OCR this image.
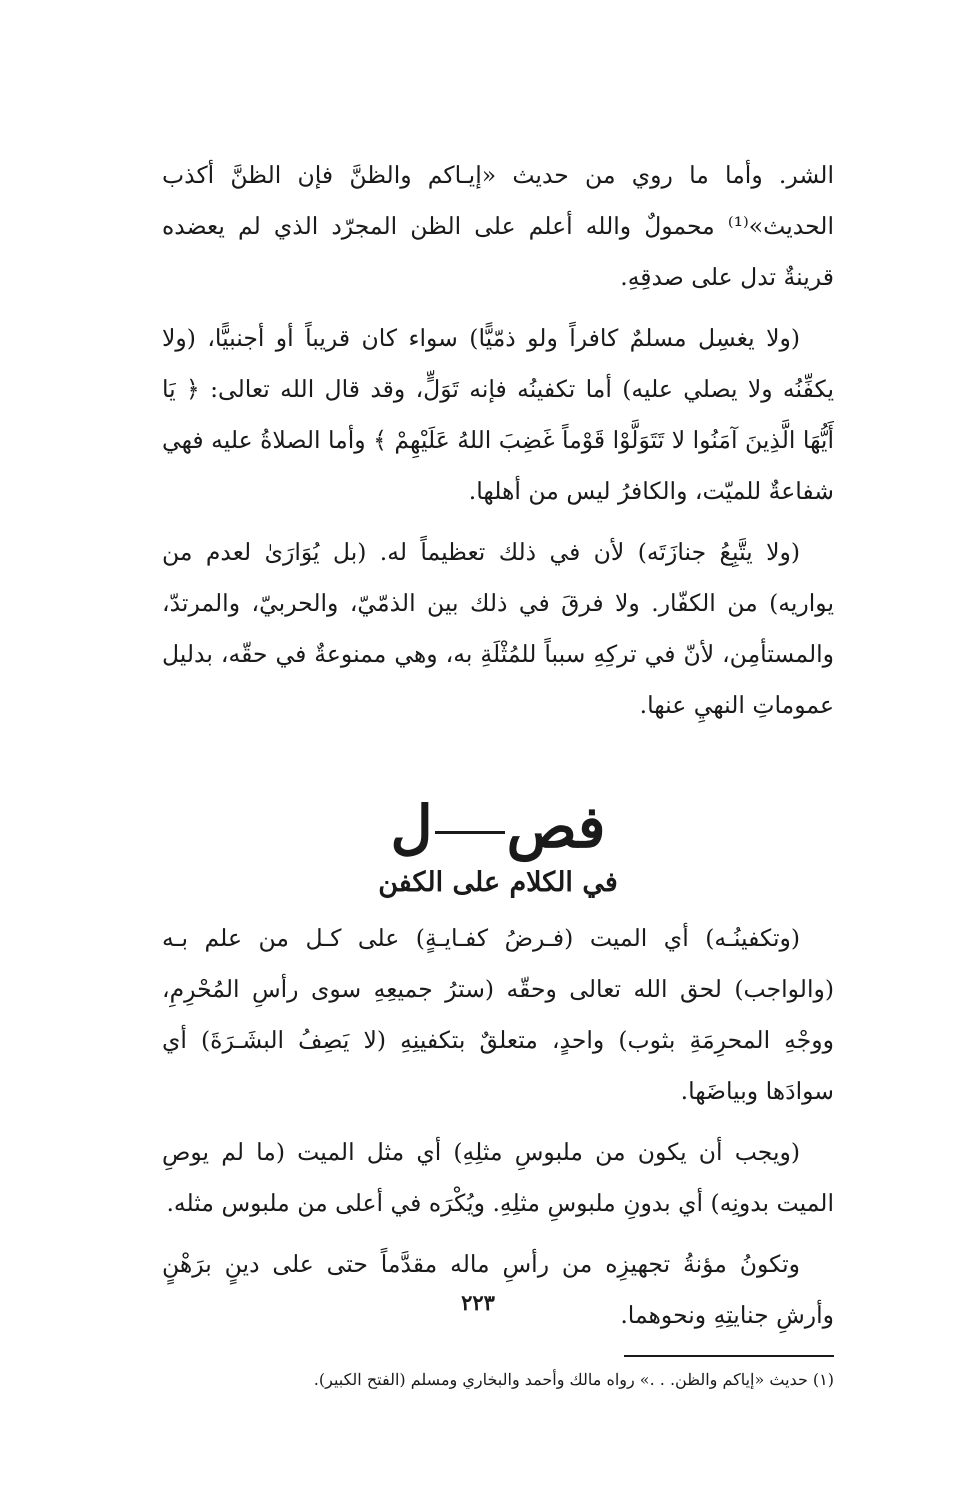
الشر. وأما ما روي من حديث «إيـاكم والظنَّ فإن الظنَّ أكذب الحديث»⁽¹⁾ محمولٌ والله أعلم على الظن المجرّد الذي لم يعضده قرينةٌ تدل على صدقِهِ.

(ولا يغسِل مسلمٌ كافراً ولو ذمّيًّا) سواء كان قريباً أو أجنبيًّا، (ولا يكفِّنُه ولا يصلي عليه) أما تكفينُه فإنه تَوَلٍّ، وقد قال الله تعالى: ﴿ يَا أَيُّهَا الَّذِينَ آمَنُوا لا تَتَوَلَّوْا قَوْماً غَضِبَ اللهُ عَلَيْهِمْ ﴾ وأما الصلاةُ عليه فهي شفاعةٌ للميّت، والكافرُ ليس من أهلها.

(ولا يتَّبِعُ جنازَتَه) لأن في ذلك تعظيماً له. (بل يُوَارَىٰ لعدم من يواريه) من الكفّار. ولا فرقَ في ذلك بين الذمّيّ، والحربيّ، والمرتدّ، والمستأمِن، لأنّ في تركِهِ سبباً للمُثْلَةِ به، وهي ممنوعةٌ في حقّه، بدليل عموماتِ النهيِ عنها.

فصل
في الكلام على الكفن

(وتكفينُـه) أي الميت (فـرضُ كفـايـةٍ) على كـل من علم بـه (والواجب) لحق الله تعالى وحقّه (سترُ جميعِهِ سوى رأسِ المُحْرِمِ، ووجْهِ المحرِمَةِ بثوب) واحدٍ، متعلقٌ بتكفينِهِ (لا يَصِفُ البشَـرَةَ) أي سوادَها وبياضَها.

(ويجب أن يكون من ملبوسِ مثلِهِ) أي مثل الميت (ما لم يوصِ الميت بدونِه) أي بدونِ ملبوسِ مثلِهِ. ويُكْرَه في أعلى من ملبوس مثله.

وتكونُ مؤنةُ تجهيزِه من رأسِ ماله مقدَّماً حتى على دينٍ برَهْنٍ وأرشِ جنايتِهِ ونحوهما.

(١) حديث «إياكم والظن. . .» رواه مالك وأحمد والبخاري ومسلم (الفتح الكبير).
٢٢٣
